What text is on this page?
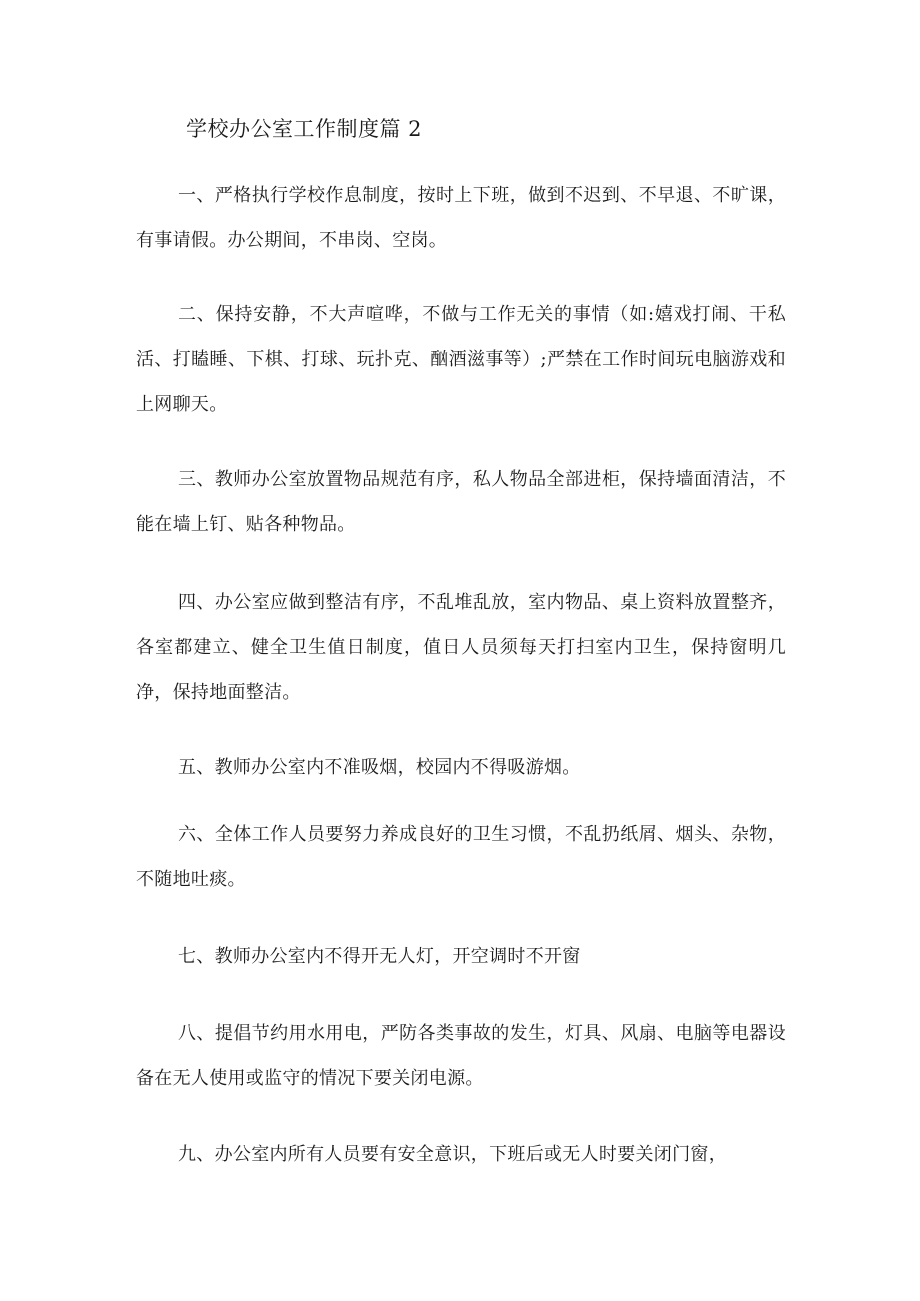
学校办公室工作制度篇 2

一、严格执行学校作息制度，按时上下班，做到不迟到、不早退、不旷课，有事请假。办公期间，不串岗、空岗。

二、保持安静，不大声喧哗，不做与工作无关的事情（如:嬉戏打闹、干私活、打瞌睡、下棋、打球、玩扑克、酗酒滋事等）;严禁在工作时间玩电脑游戏和上网聊天。

三、教师办公室放置物品规范有序，私人物品全部进柜，保持墙面清洁，不能在墙上钉、贴各种物品。

四、办公室应做到整洁有序，不乱堆乱放，室内物品、桌上资料放置整齐，各室都建立、健全卫生值日制度，值日人员须每天打扫室内卫生，保持窗明几净，保持地面整洁。

五、教师办公室内不准吸烟，校园内不得吸游烟。

六、全体工作人员要努力养成良好的卫生习惯，不乱扔纸屑、烟头、杂物，不随地吐痰。

七、教师办公室内不得开无人灯，开空调时不开窗

八、提倡节约用水用电，严防各类事故的发生，灯具、风扇、电脑等电器设备在无人使用或监守的情况下要关闭电源。

九、办公室内所有人员要有安全意识，下班后或无人时要关闭门窗，
